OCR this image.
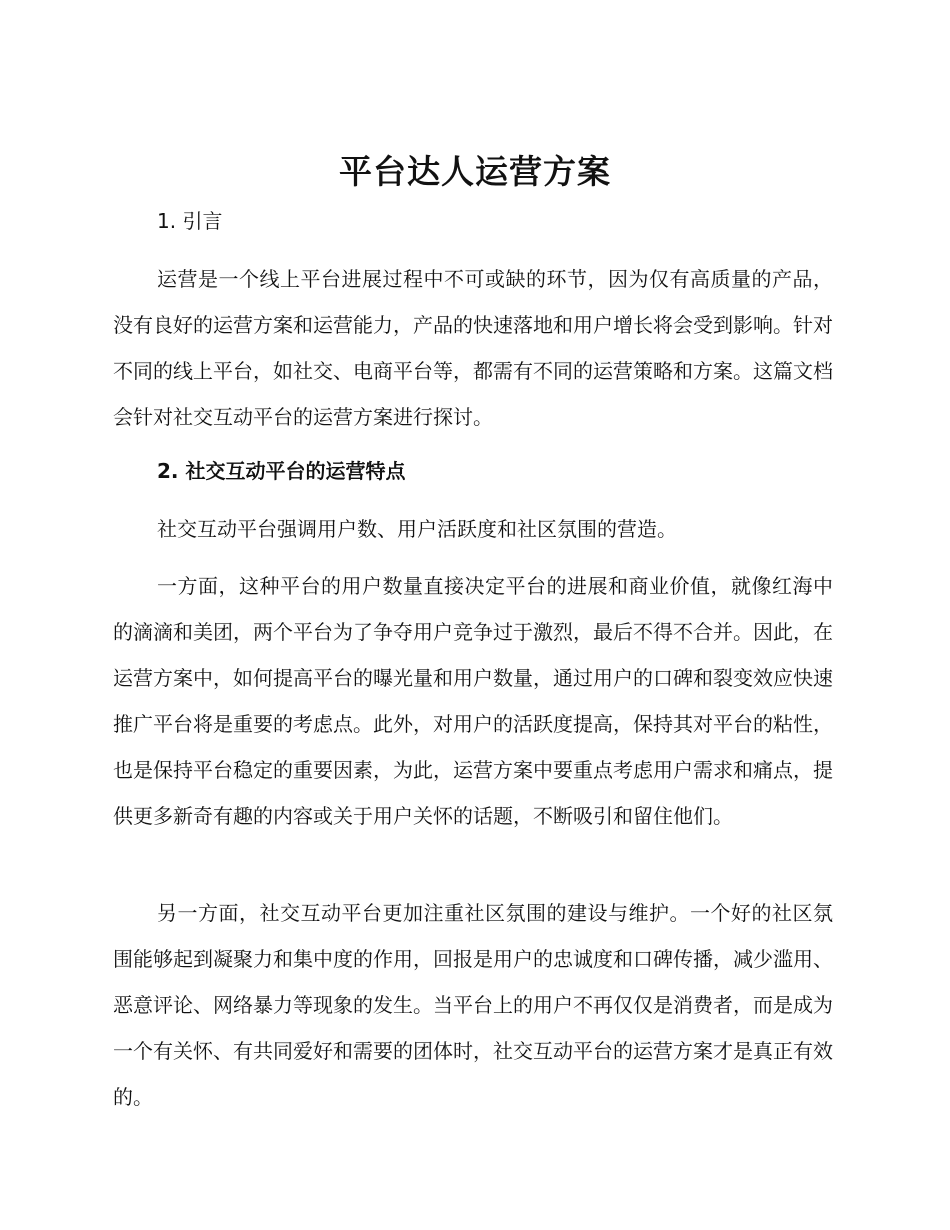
平台达人运营方案
1. 引言

运营是一个线上平台进展过程中不可或缺的环节，因为仅有高质量的产品，没有良好的运营方案和运营能力，产品的快速落地和用户增长将会受到影响。针对不同的线上平台，如社交、电商平台等，都需有不同的运营策略和方案。这篇文档会针对社交互动平台的运营方案进行探讨。

2. 社交互动平台的运营特点

社交互动平台强调用户数、用户活跃度和社区氛围的营造。

一方面，这种平台的用户数量直接决定平台的进展和商业价值，就像红海中的滴滴和美团，两个平台为了争夺用户竞争过于激烈，最后不得不合并。因此，在运营方案中，如何提高平台的曝光量和用户数量，通过用户的口碑和裂变效应快速推广平台将是重要的考虑点。此外，对用户的活跃度提高，保持其对平台的粘性，也是保持平台稳定的重要因素，为此，运营方案中要重点考虑用户需求和痛点，提供更多新奇有趣的内容或关于用户关怀的话题，不断吸引和留住他们。

另一方面，社交互动平台更加注重社区氛围的建设与维护。一个好的社区氛围能够起到凝聚力和集中度的作用，回报是用户的忠诚度和口碑传播，减少滥用、恶意评论、网络暴力等现象的发生。当平台上的用户不再仅仅是消费者，而是成为一个有关怀、有共同爱好和需要的团体时，社交互动平台的运营方案才是真正有效的。
